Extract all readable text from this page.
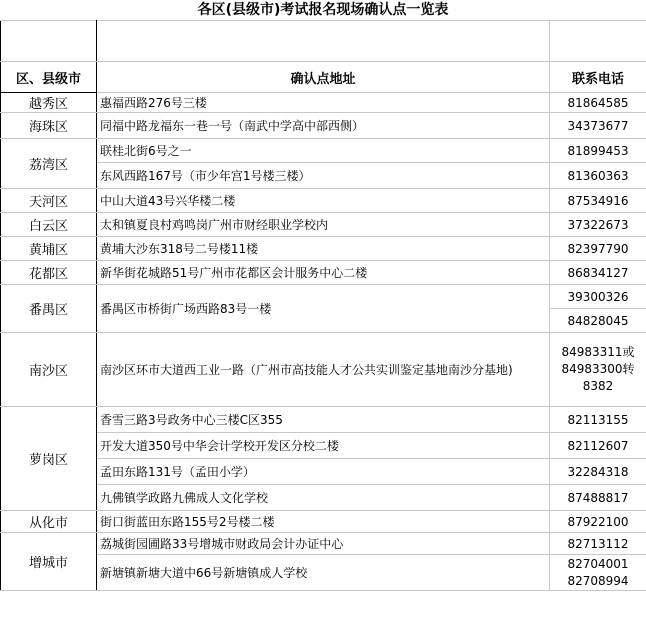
各区(县级市)考试报名现场确认点一览表

区、县级市	确认点地址	联系电话
越秀区	惠福西路276号三楼	81864585
海珠区	同福中路龙福东一巷一号（南武中学高中部西侧）	34373677
荔湾区	联桂北街6号之一	81899453
	东风西路167号（市少年宫1号楼三楼）	81360363
天河区	中山大道43号兴华楼二楼	87534916
白云区	太和镇夏良村鸡鸣岗广州市财经职业学校内	37322673
黄埔区	黄埔大沙东318号二号楼11楼	82397790
花都区	新华街花城路51号广州市花都区会计服务中心二楼	86834127
番禺区	番禺区市桥街广场西路83号一楼	39300326
		84828045
南沙区	南沙区环市大道西工业一路（广州市高技能人才公共实训鉴定基地南沙分基地)	84983311或84983300转8382
萝岗区	香雪三路3号政务中心三楼C区355	82113155
	开发大道350号中华会计学校开发区分校二楼	82112607
	孟田东路131号（孟田小学）	32284318
	九佛镇学政路九佛成人文化学校	87488817
从化市	街口街蓝田东路155号2号楼二楼	87922100
增城市	荔城街园圃路33号增城市财政局会计办证中心	82713112
	新塘镇新塘大道中66号新塘镇成人学校	82704001
82708994
